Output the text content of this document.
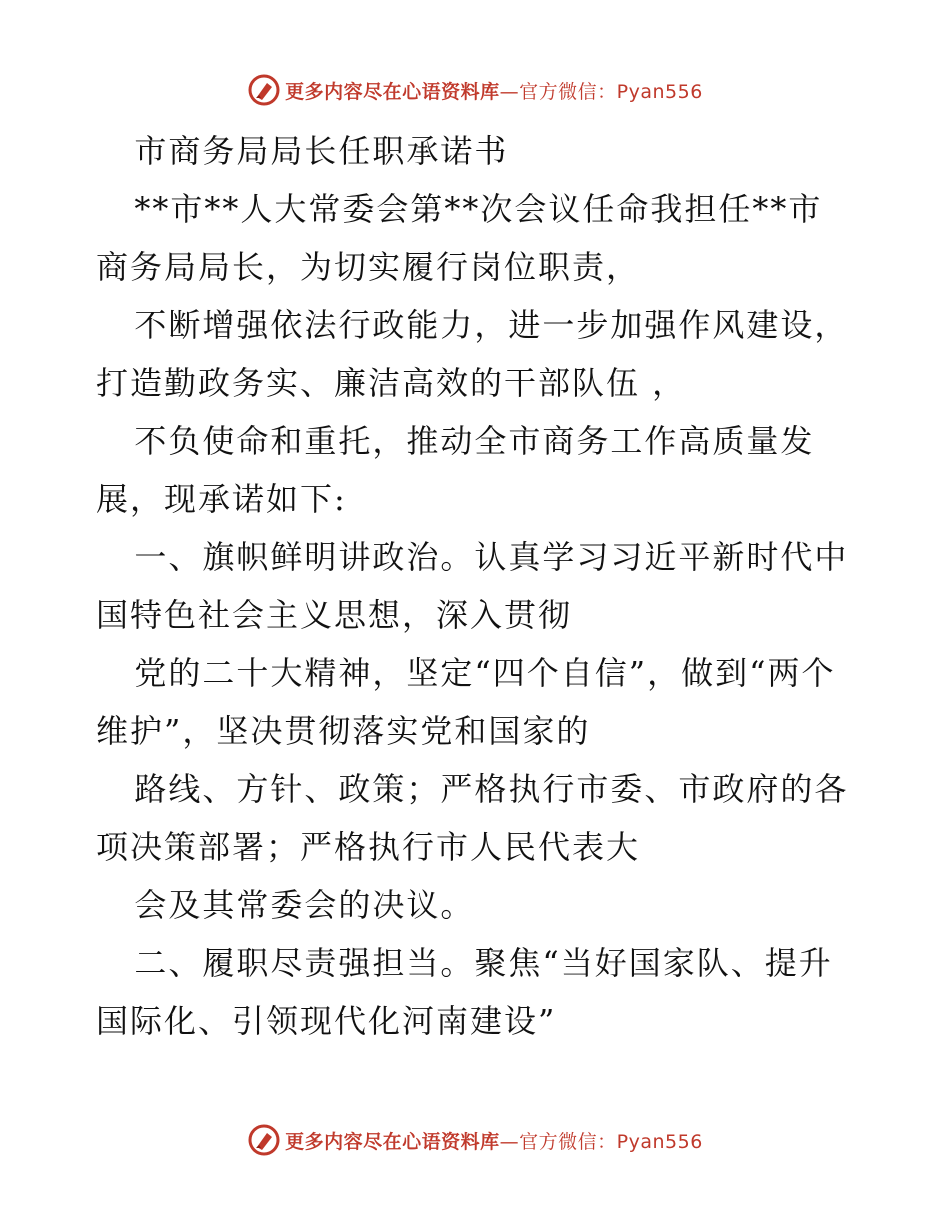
更多内容尽在心语资料库—官方微信：Pyan556

市商务局局长任职承诺书

**市**人大常委会第**次会议任命我担任**市商务局局长，为切实履行岗位职责，

不断增强依法行政能力，进一步加强作风建设，打造勤政务实、廉洁高效的干部队伍 ，

不负使命和重托，推动全市商务工作高质量发展，现承诺如下:

一、旗帜鲜明讲政治。认真学习习近平新时代中国特色社会主义思想，深入贯彻

党的二十大精神，坚定“四个自信”，做到“两个维护”，坚决贯彻落实党和国家的

路线、方针、政策；严格执行市委、市政府的各项决策部署；严格执行市人民代表大

会及其常委会的决议。

二、履职尽责强担当。聚焦“当好国家队、提升国际化、引领现代化河南建设”

更多内容尽在心语资料库—官方微信：Pyan556
